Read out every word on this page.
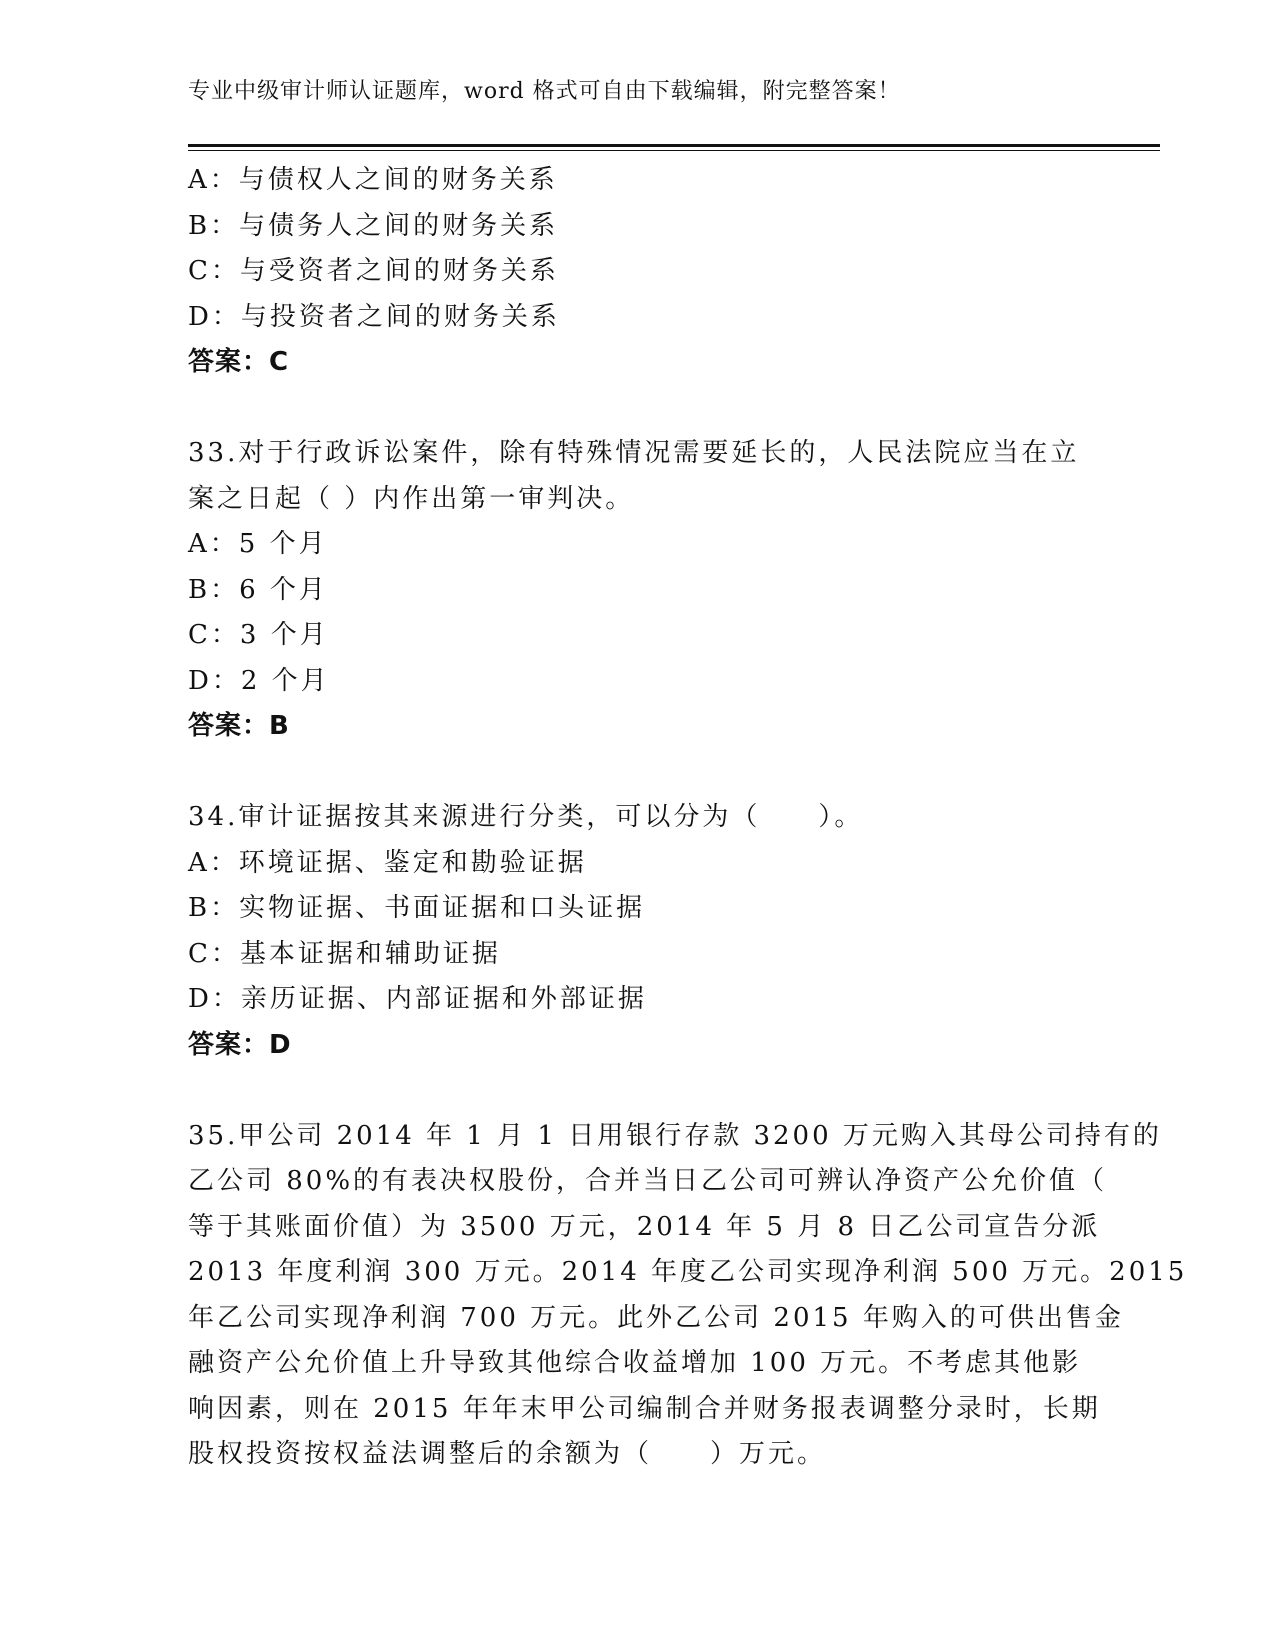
专业中级审计师认证题库，word 格式可自由下载编辑，附完整答案！
A：与债权人之间的财务关系
B：与债务人之间的财务关系
C：与受资者之间的财务关系
D：与投资者之间的财务关系
答案：C
33.对于行政诉讼案件，除有特殊情况需要延长的，人民法院应当在立
案之日起（ ）内作出第一审判决。
A：5 个月
B：6 个月
C：3 个月
D：2 个月
答案：B
34.审计证据按其来源进行分类，可以分为（　　）。
A：环境证据、鉴定和勘验证据
B：实物证据、书面证据和口头证据
C：基本证据和辅助证据
D：亲历证据、内部证据和外部证据
答案：D
35.甲公司 2014 年 1 月 1 日用银行存款 3200 万元购入其母公司持有的
乙公司 80%的有表决权股份，合并当日乙公司可辨认净资产公允价值（
等于其账面价值）为 3500 万元，2014 年 5 月 8 日乙公司宣告分派
2013 年度利润 300 万元。2014 年度乙公司实现净利润 500 万元。2015
年乙公司实现净利润 700 万元。此外乙公司 2015 年购入的可供出售金
融资产公允价值上升导致其他综合收益增加 100 万元。不考虑其他影
响因素，则在 2015 年年末甲公司编制合并财务报表调整分录时，长期
股权投资按权益法调整后的余额为（　　）万元。
